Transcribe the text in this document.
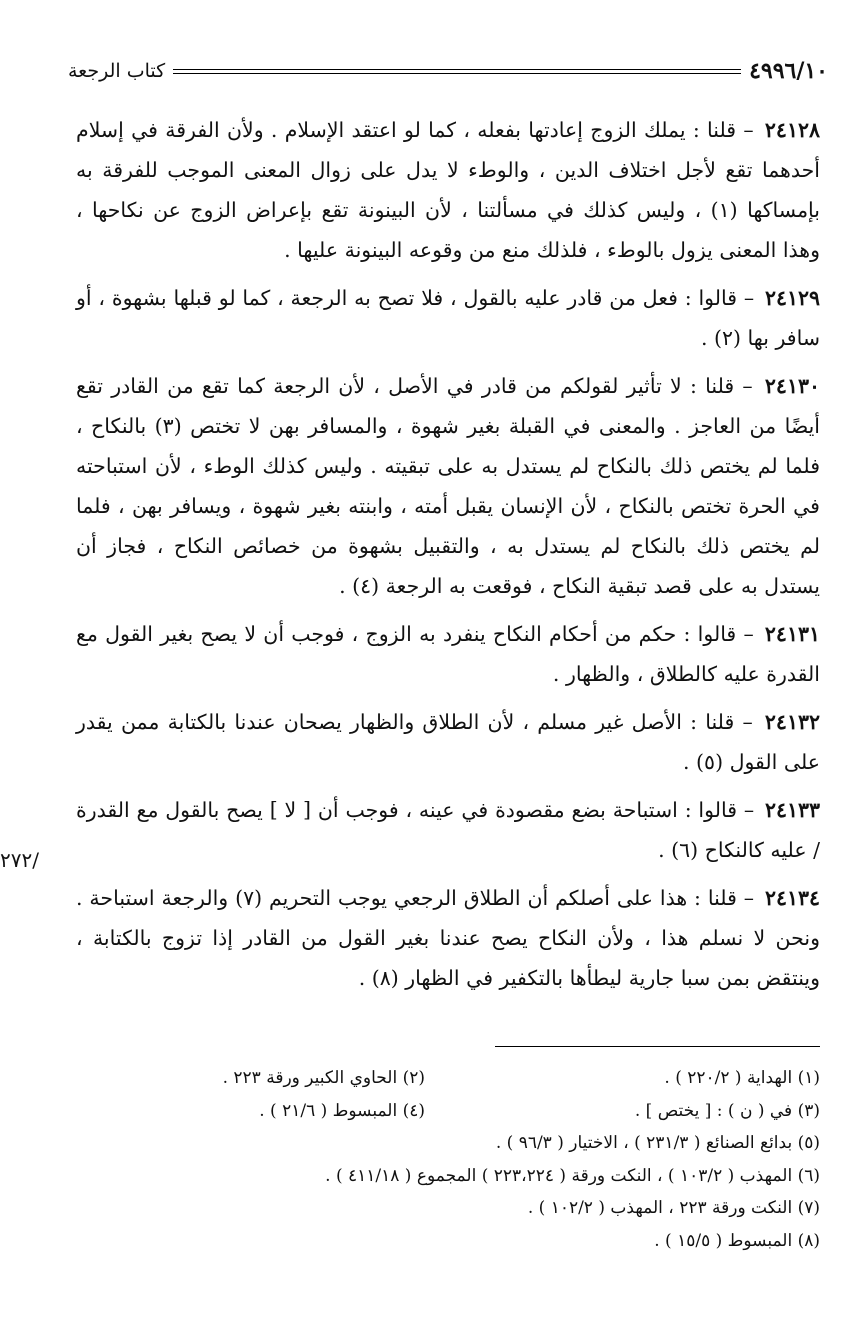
٤٩٩٦/١٠
كتاب الرجعة
/٢٧٢

٢٤١٢٨ – قلنا : يملك الزوج إعادتها بفعله ، كما لو اعتقد الإسلام . ولأن الفرقة في إسلام أحدهما تقع لأجل اختلاف الدين ، والوطء لا يدل على زوال المعنى الموجب للفرقة به بإمساكها (١) ، وليس كذلك في مسألتنا ، لأن البينونة تقع بإعراض الزوج عن نكاحها ، وهذا المعنى يزول بالوطء ، فلذلك منع من وقوعه البينونة عليها .

٢٤١٢٩ – قالوا : فعل من قادر عليه بالقول ، فلا تصح به الرجعة ، كما لو قبلها بشهوة ، أو سافر بها (٢) .

٢٤١٣٠ – قلنا : لا تأثير لقولكم من قادر في الأصل ، لأن الرجعة كما تقع من القادر تقع أيضًا من العاجز . والمعنى في القبلة بغير شهوة ، والمسافر بهن لا تختص (٣) بالنكاح ، فلما لم يختص ذلك بالنكاح لم يستدل به على تبقيته . وليس كذلك الوطء ، لأن استباحته في الحرة تختص بالنكاح ، لأن الإنسان يقبل أمته ، وابنته بغير شهوة ، ويسافر بهن ، فلما لم يختص ذلك بالنكاح لم يستدل به ، والتقبيل بشهوة من خصائص النكاح ، فجاز أن يستدل به على قصد تبقية النكاح ، فوقعت به الرجعة (٤) .

٢٤١٣١ – قالوا : حكم من أحكام النكاح ينفرد به الزوج ، فوجب أن لا يصح بغير القول مع القدرة عليه كالطلاق ، والظهار .

٢٤١٣٢ – قلنا : الأصل غير مسلم ، لأن الطلاق والظهار يصحان عندنا بالكتابة ممن يقدر على القول (٥) .

٢٤١٣٣ – قالوا : استباحة بضع مقصودة في عينه ، فوجب أن [ لا ] يصح بالقول مع القدرة / عليه كالنكاح (٦) .

٢٤١٣٤ – قلنا : هذا على أصلكم أن الطلاق الرجعي يوجب التحريم (٧) والرجعة استباحة . ونحن لا نسلم هذا ، ولأن النكاح يصح عندنا بغير القول من القادر إذا تزوج بالكتابة ، وينتقض بمن سبا جارية ليطأها بالتكفير في الظهار (٨) .

(١) الهداية ( ٢٢٠/٢ ) .
(٢) الحاوي الكبير ورقة ٢٢٣ .
(٣) في ( ن ) : [ يختص ] .
(٤) المبسوط ( ٢١/٦ ) .
(٥) بدائع الصنائع ( ٢٣١/٣ ) ، الاختيار ( ٩٦/٣ ) .
(٦) المهذب ( ١٠٣/٢ ) ، النكت ورقة ( ٢٢٣،٢٢٤ ) المجموع ( ٤١١/١٨ ) .
(٧) النكت ورقة ٢٢٣ ، المهذب ( ١٠٢/٢ ) .
(٨) المبسوط ( ١٥/٥ ) .
